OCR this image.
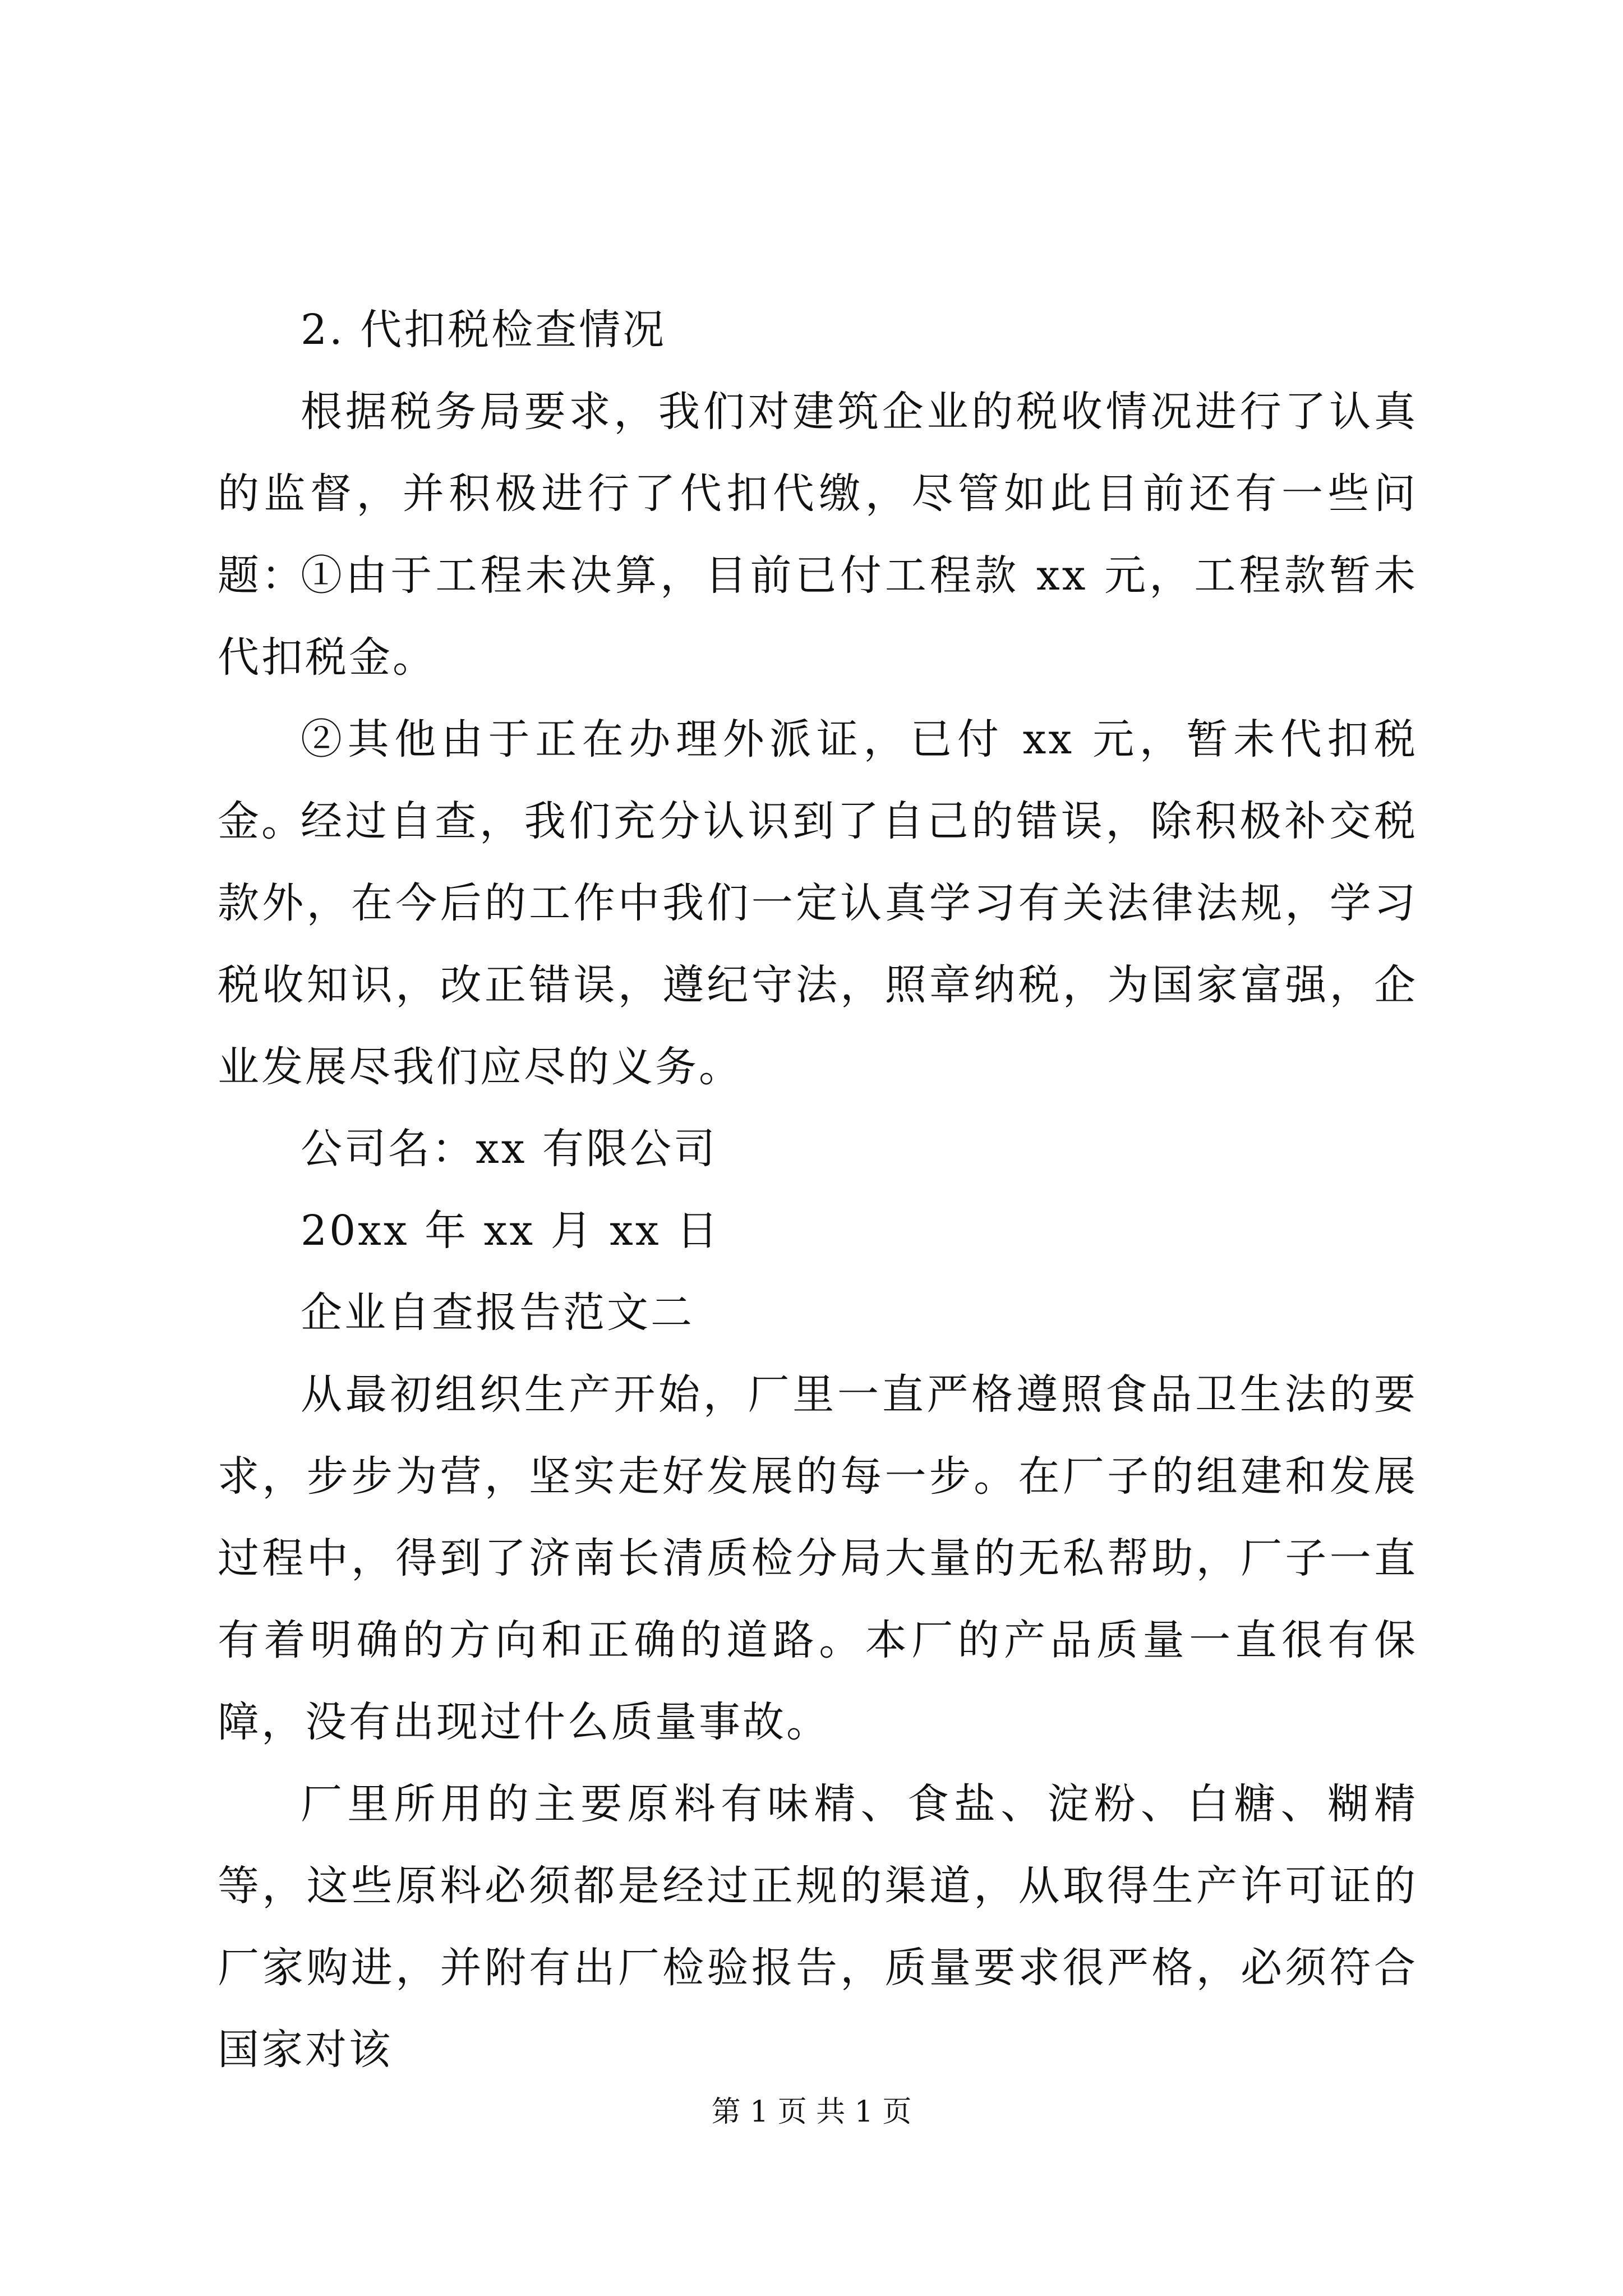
2. 代扣税检查情况
根据税务局要求，我们对建筑企业的税收情况进行了认真的监督，并积极进行了代扣代缴，尽管如此目前还有一些问题：
①由于工程未决算，目前已付工程款 xx 元，工程款暂未代扣税金。
②其他由于正在办理外派证，已付 xx 元，暂未代扣税金。
经过自查，我们充分认识到了自己的错误，除积极补交税款外，在今后的工作中我们一定认真学习有关法律法规，学习税收知识，改正错误，遵纪守法，照章纳税，为国家富强，企业发展尽我们应尽的义务。
公司名：xx 有限公司
20xx 年 xx 月 xx 日
企业自查报告范文二
从最初组织生产开始，厂里一直严格遵照食品卫生法的要求，步步为营，坚实走好发展的每一步。在厂子的组建和发展过程中，得到了济南长清质检分局大量的无私帮助，厂子一直有着明确的方向和正确的道路。本厂的产品质量一直很有保障，没有出现过什么质量事故。
厂里所用的主要原料有味精、食盐、淀粉、白糖、糊精等，这些原料必须都是经过正规的渠道，从取得生产许可证的厂家购进，并附有出厂检验报告，质量要求很严格，必须符合国家对该
第 1 页 共 1 页
